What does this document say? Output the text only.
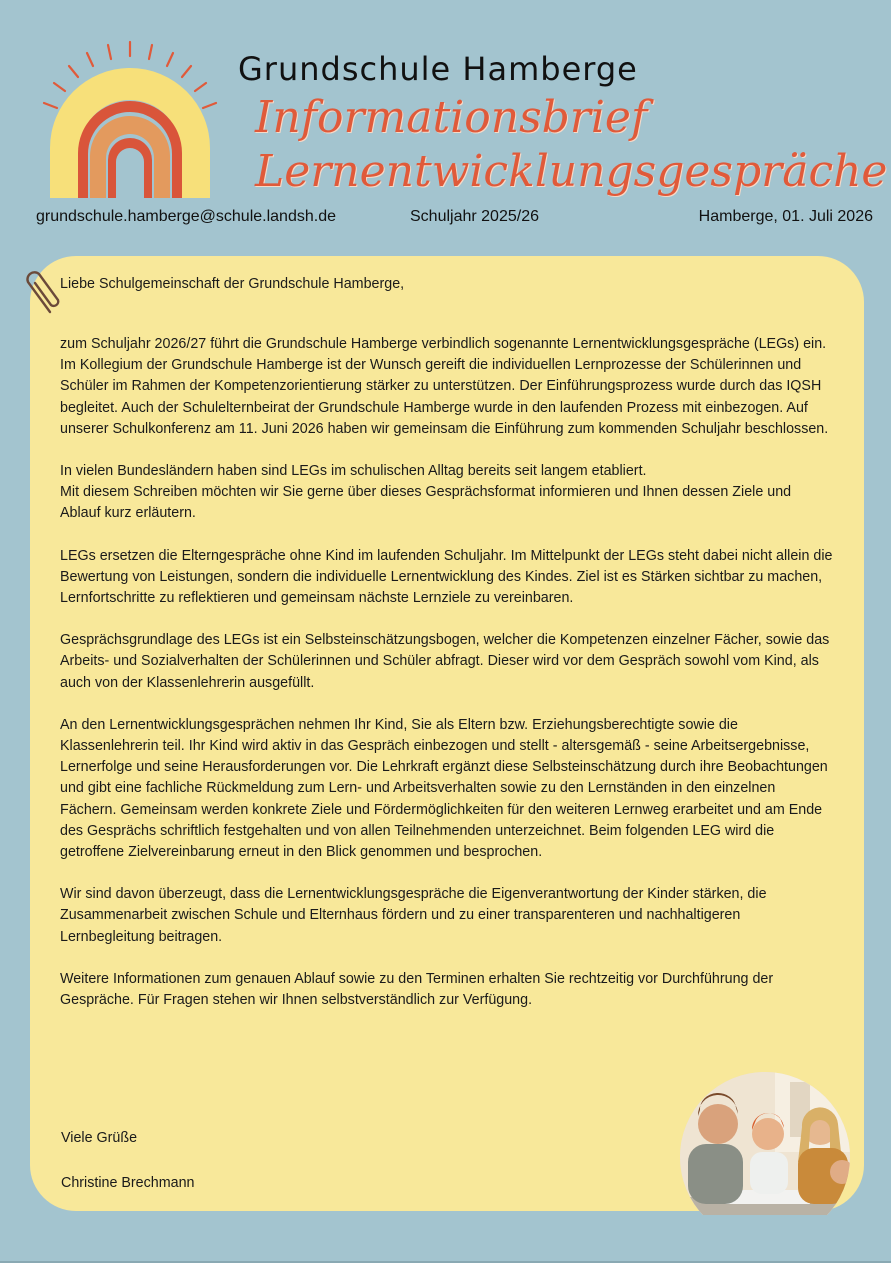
Grundschule Hamberge
Informationsbrief
Lernentwicklungsgespräche
grundschule.hamberge@schule.landsh.de	Schuljahr 2025/26	Hamberge, 01. Juli 2026

Liebe Schulgemeinschaft der Grundschule Hamberge,

zum Schuljahr 2026/27 führt die Grundschule Hamberge verbindlich sogenannte Lernentwicklungsgespräche (LEGs) ein.
Im Kollegium der Grundschule Hamberge ist der Wunsch gereift die individuellen Lernprozesse der Schülerinnen und Schüler im Rahmen der Kompetenzorientierung stärker zu unterstützen. Der Einführungsprozess wurde durch das IQSH begleitet. Auch der Schulelternbeirat der Grundschule Hamberge wurde in den laufenden Prozess mit einbezogen. Auf unserer Schulkonferenz am 11. Juni 2026 haben wir gemeinsam die Einführung zum kommenden Schuljahr beschlossen.

In vielen Bundesländern haben sind LEGs im schulischen Alltag bereits seit langem etabliert.
Mit diesem Schreiben möchten wir Sie gerne über dieses Gesprächsformat informieren und Ihnen dessen Ziele und Ablauf kurz erläutern.

LEGs ersetzen die Elterngespräche ohne Kind im laufenden Schuljahr. Im Mittelpunkt der LEGs steht dabei nicht allein die Bewertung von Leistungen, sondern die individuelle Lernentwicklung des Kindes. Ziel ist es Stärken sichtbar zu machen, Lernfortschritte zu reflektieren und gemeinsam nächste Lernziele zu vereinbaren.

Gesprächsgrundlage des LEGs ist ein Selbsteinschätzungsbogen, welcher die Kompetenzen einzelner Fächer, sowie das Arbeits- und Sozialverhalten der Schülerinnen und Schüler abfragt. Dieser wird vor dem Gespräch sowohl vom Kind, als auch von der Klassenlehrerin ausgefüllt.

An den Lernentwicklungsgesprächen nehmen Ihr Kind, Sie als Eltern bzw. Erziehungsberechtigte sowie die Klassenlehrerin teil. Ihr Kind wird aktiv in das Gespräch einbezogen und stellt - altersgemäß - seine Arbeitsergebnisse, Lernerfolge und seine Herausforderungen vor. Die Lehrkraft ergänzt diese Selbsteinschätzung durch ihre Beobachtungen und gibt eine fachliche Rückmeldung zum Lern- und Arbeitsverhalten sowie zu den Lernständen in den einzelnen Fächern. Gemeinsam werden konkrete Ziele und Fördermöglichkeiten für den weiteren Lernweg erarbeitet und am Ende des Gesprächs schriftlich festgehalten und von allen Teilnehmenden unterzeichnet. Beim folgenden LEG wird die getroffene Zielvereinbarung erneut in den Blick genommen und besprochen.

Wir sind davon überzeugt, dass die Lernentwicklungsgespräche die Eigenverantwortung der Kinder stärken, die Zusammenarbeit zwischen Schule und Elternhaus fördern und zu einer transparenteren und nachhaltigeren Lernbegleitung beitragen.

Weitere Informationen zum genauen Ablauf sowie zu den Terminen erhalten Sie rechtzeitig vor Durchführung der Gespräche. Für Fragen stehen wir Ihnen selbstverständlich zur Verfügung.

Viele Grüße

Christine Brechmann
